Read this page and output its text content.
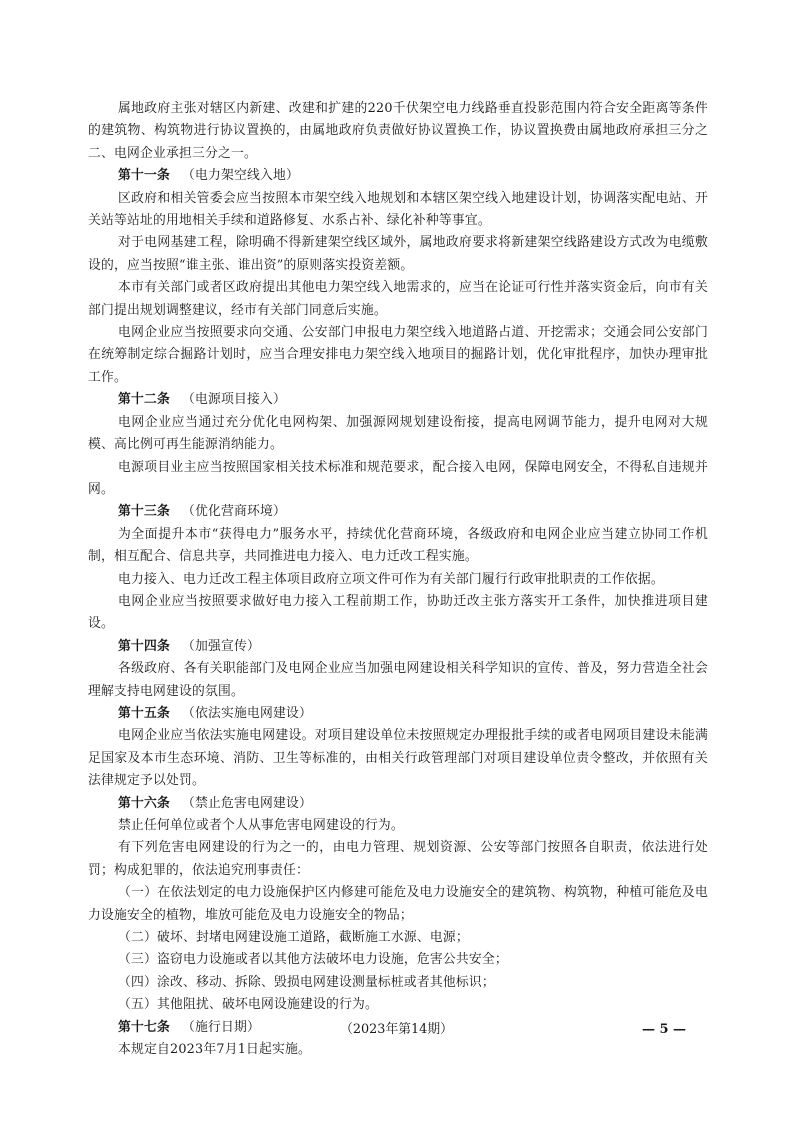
属地政府主张对辖区内新建、改建和扩建的220千伏架空电力线路垂直投影范围内符合安全距离等条件的建筑物、构筑物进行协议置换的，由属地政府负责做好协议置换工作，协议置换费由属地政府承担三分之二、电网企业承担三分之一。

第十一条 （电力架空线入地）

区政府和相关管委会应当按照本市架空线入地规划和本辖区架空线入地建设计划，协调落实配电站、开关站等站址的用地相关手续和道路修复、水系占补、绿化补种等事宜。

对于电网基建工程，除明确不得新建架空线区域外，属地政府要求将新建架空线路建设方式改为电缆敷设的，应当按照“谁主张、谁出资”的原则落实投资差额。

本市有关部门或者区政府提出其他电力架空线入地需求的，应当在论证可行性并落实资金后，向市有关部门提出规划调整建议，经市有关部门同意后实施。

电网企业应当按照要求向交通、公安部门申报电力架空线入地道路占道、开挖需求；交通会同公安部门在统筹制定综合掘路计划时，应当合理安排电力架空线入地项目的掘路计划，优化审批程序，加快办理审批工作。

第十二条 （电源项目接入）

电网企业应当通过充分优化电网构架、加强源网规划建设衔接，提高电网调节能力，提升电网对大规模、高比例可再生能源消纳能力。

电源项目业主应当按照国家相关技术标准和规范要求，配合接入电网，保障电网安全，不得私自违规并网。

第十三条 （优化营商环境）

为全面提升本市“获得电力”服务水平，持续优化营商环境，各级政府和电网企业应当建立协同工作机制，相互配合、信息共享，共同推进电力接入、电力迁改工程实施。

电力接入、电力迁改工程主体项目政府立项文件可作为有关部门履行行政审批职责的工作依据。

电网企业应当按照要求做好电力接入工程前期工作，协助迁改主张方落实开工条件，加快推进项目建设。

第十四条 （加强宣传）

各级政府、各有关职能部门及电网企业应当加强电网建设相关科学知识的宣传、普及，努力营造全社会理解支持电网建设的氛围。

第十五条 （依法实施电网建设）

电网企业应当依法实施电网建设。对项目建设单位未按照规定办理报批手续的或者电网项目建设未能满足国家及本市生态环境、消防、卫生等标准的，由相关行政管理部门对项目建设单位责令整改，并依照有关法律规定予以处罚。

第十六条 （禁止危害电网建设）

禁止任何单位或者个人从事危害电网建设的行为。

有下列危害电网建设的行为之一的，由电力管理、规划资源、公安等部门按照各自职责，依法进行处罚；构成犯罪的，依法追究刑事责任：

（一）在依法划定的电力设施保护区内修建可能危及电力设施安全的建筑物、构筑物，种植可能危及电力设施安全的植物，堆放可能危及电力设施安全的物品；

（二）破坏、封堵电网建设施工道路，截断施工水源、电源；

（三）盗窃电力设施或者以其他方法破坏电力设施，危害公共安全；

（四）涂改、移动、拆除、毁损电网建设测量标桩或者其他标识；

（五）其他阻扰、破坏电网设施建设的行为。

第十七条 （施行日期）

本规定自2023年7月1日起实施。

（2023年第14期）	— 5 —
